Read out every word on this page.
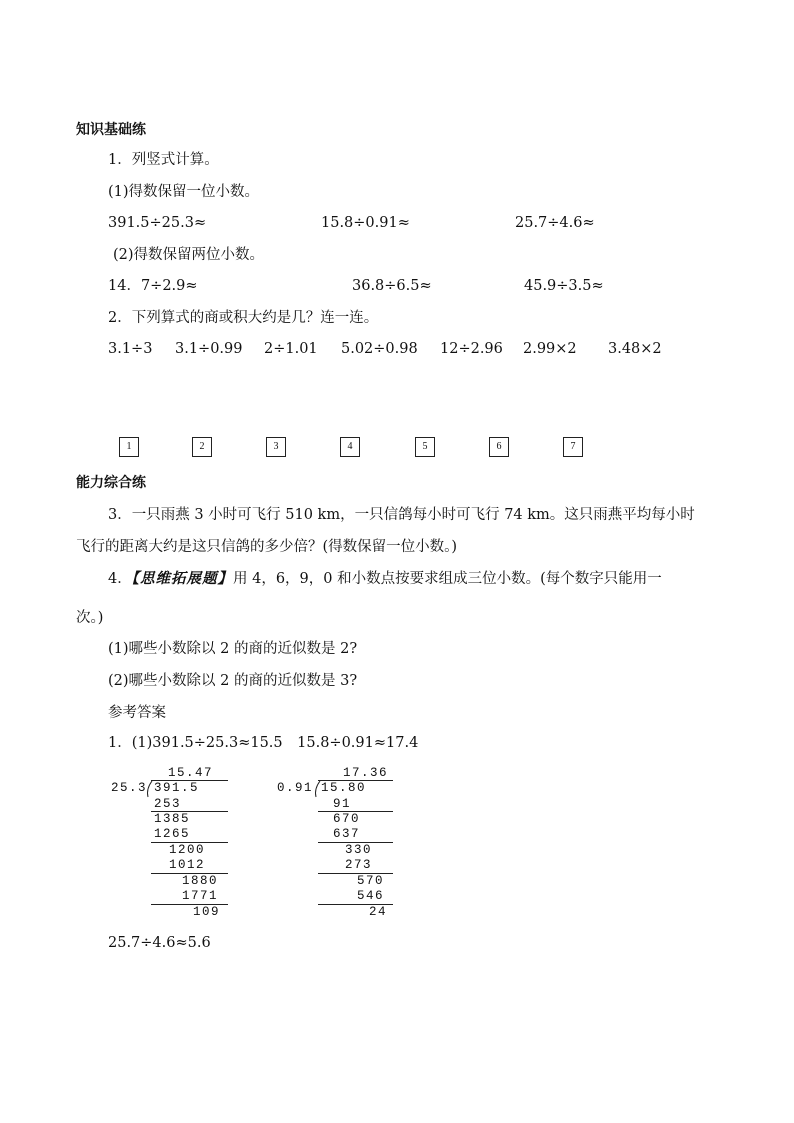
知识基础练
1．列竖式计算。
(1)得数保留一位小数。
391.5÷25.3≈	15.8÷0.91≈	25.7÷4.6≈
(2)得数保留两位小数。
14．7÷2.9≈	36.8÷6.5≈	45.9÷3.5≈
2．下列算式的商或积大约是几？连一连。
3.1÷3 3.1÷0.99 2÷1.01 5.02÷0.98 12÷2.96 2.99×2 3.48×2
1	2	3	4	5	6	7
能力综合练
3．一只雨燕 3 小时可飞行 510 km，一只信鸽每小时可飞行 74 km。这只雨燕平均每小时
飞行的距离大约是这只信鸽的多少倍？(得数保留一位小数。)
4．【思维拓展题】用 4，6，9，0 和小数点按要求组成三位小数。(每个数字只能用一
次。)
(1)哪些小数除以 2 的商的近似数是 2?
(2)哪些小数除以 2 的商的近似数是 3?
参考答案
1．(1)391.5÷25.3≈15.5　15.8÷0.91≈17.4
15.47
25.3 391.5
253
1385
1265
1200
1012
1880
1771
109
17.36
0.91 15.80
91
670
637
330
273
570
546
24
25.7÷4.6≈5.6
